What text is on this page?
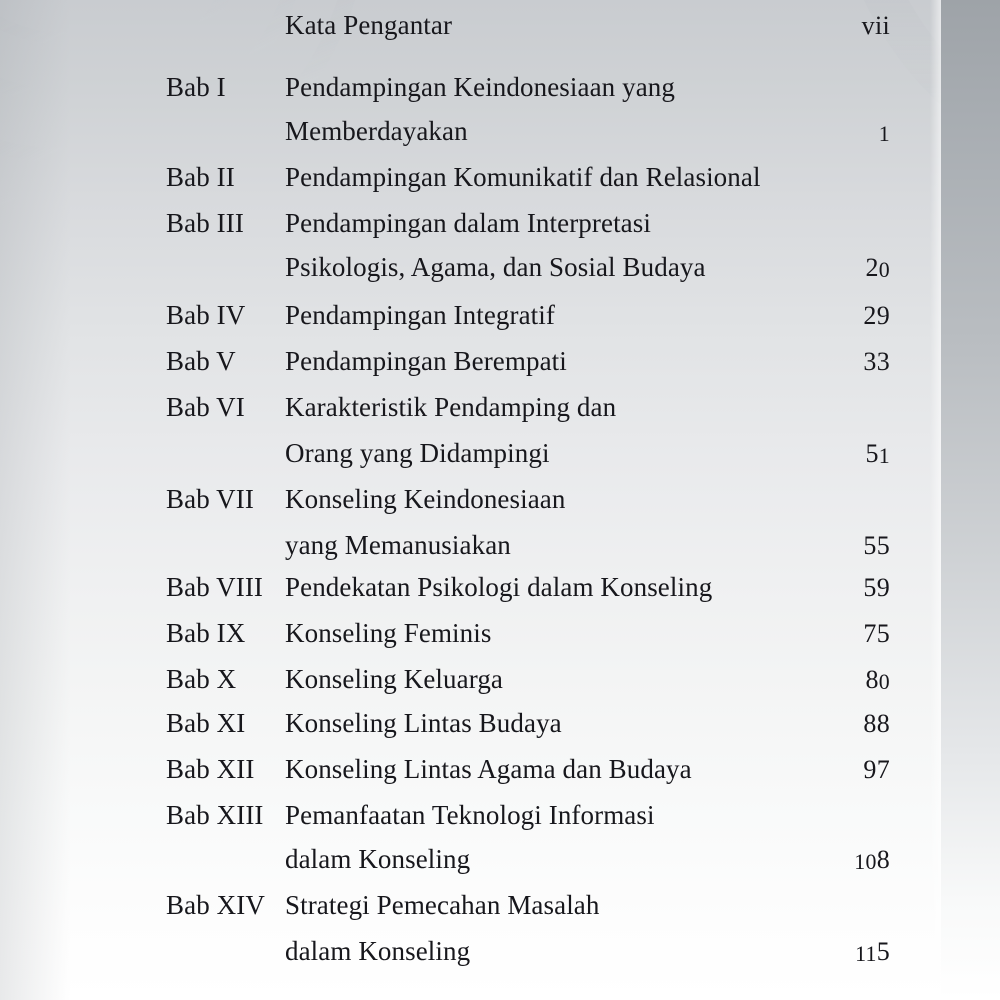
Kata Pengantar .....	vii
Bab I	Pendampingan Keindonesiaan yang
Memberdayakan .....	1
Bab II	Pendampingan Komunikatif dan Relasional
Bab III	Pendampingan dalam Interpretasi
Psikologis, Agama, dan Sosial Budaya .....	20
Bab IV	Pendampingan Integratif .....	29
Bab V	Pendampingan Berempati .....	33
Bab VI	Karakteristik Pendamping dan
Orang yang Didampingi .....	51
Bab VII	Konseling Keindonesiaan
yang Memanusiakan .....	55
Bab VIII Pendekatan Psikologi dalam Konseling .....	59
Bab IX	Konseling Feminis .....	75
Bab X	Konseling Keluarga .....	80
Bab XI	Konseling Lintas Budaya .....	88
Bab XII	Konseling Lintas Agama dan Budaya .....	97
Bab XIII Pemanfaatan Teknologi Informasi
dalam Konseling .....	108
Bab XIV Strategi Pemecahan Masalah
dalam Konseling .....	115
